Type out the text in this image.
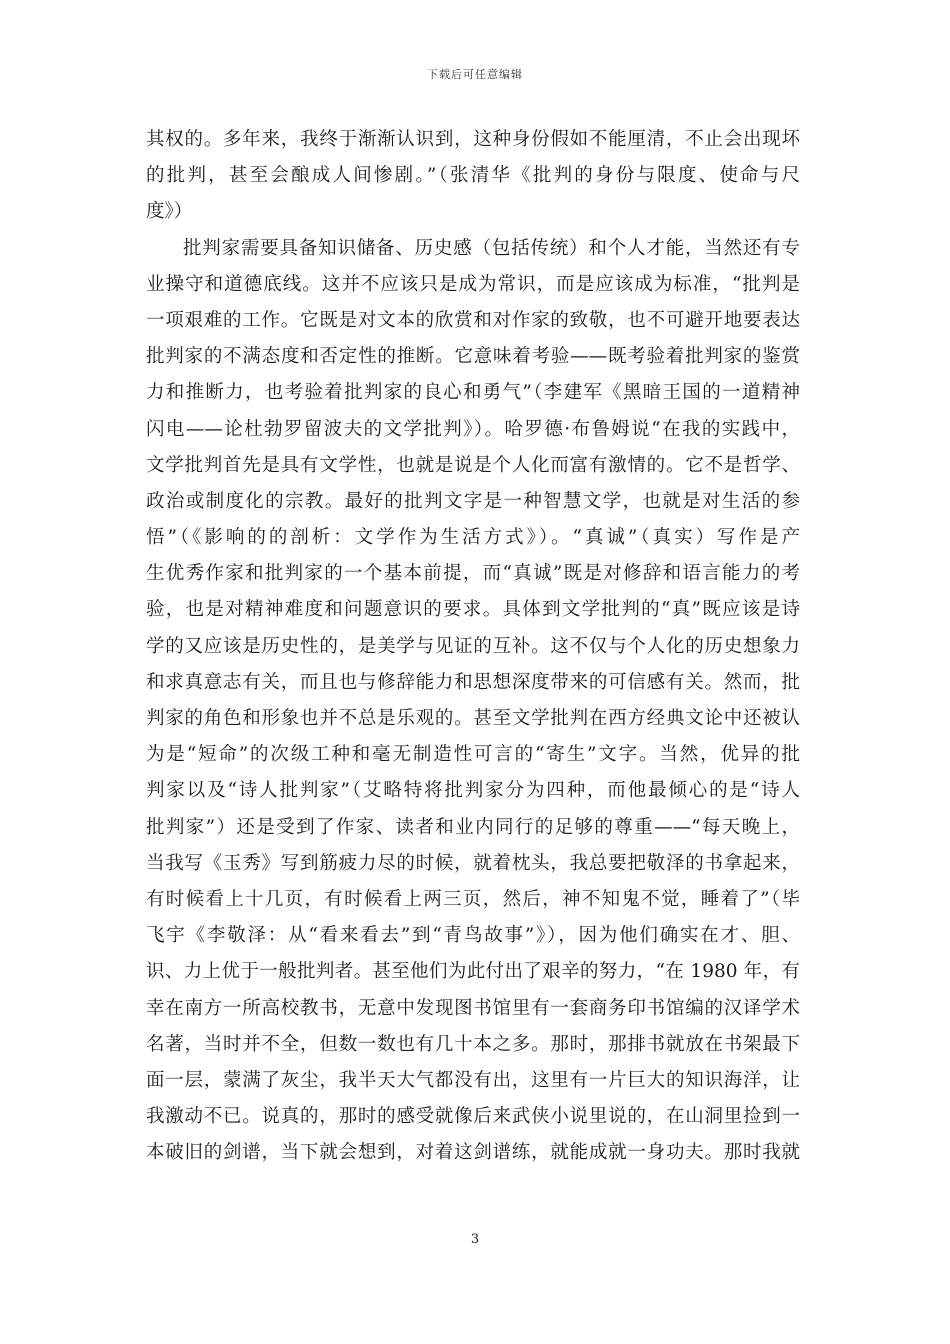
下载后可任意编辑
其权的。多年来，我终于渐渐认识到，这种身份假如不能厘清，不止会出现坏
的批判，甚至会酿成人间惨剧。”（张清华《批判的身份与限度、使命与尺
度》）
批判家需要具备知识储备、历史感（包括传统）和个人才能，当然还有专
业操守和道德底线。这并不应该只是成为常识，而是应该成为标准，“批判是
一项艰难的工作。它既是对文本的欣赏和对作家的致敬，也不可避开地要表达
批判家的不满态度和否定性的推断。它意味着考验——既考验着批判家的鉴赏
力和推断力，也考验着批判家的良心和勇气”（李建军《黑暗王国的一道精神
闪电——论杜勃罗留波夫的文学批判》）。哈罗德·布鲁姆说“在我的实践中，
文学批判首先是具有文学性，也就是说是个人化而富有激情的。它不是哲学、
政治或制度化的宗教。最好的批判文字是一种智慧文学，也就是对生活的参
悟”（《影响的的剖析：文学作为生活方式》）。“真诚”（真实）写作是产
生优秀作家和批判家的一个基本前提，而“真诚”既是对修辞和语言能力的考
验，也是对精神难度和问题意识的要求。具体到文学批判的“真”既应该是诗
学的又应该是历史性的，是美学与见证的互补。这不仅与个人化的历史想象力
和求真意志有关，而且也与修辞能力和思想深度带来的可信感有关。然而，批
判家的角色和形象也并不总是乐观的。甚至文学批判在西方经典文论中还被认
为是“短命”的次级工种和毫无制造性可言的“寄生”文字。当然，优异的批
判家以及“诗人批判家”（艾略特将批判家分为四种，而他最倾心的是“诗人
批判家”）还是受到了作家、读者和业内同行的足够的尊重——“每天晚上，
当我写《玉秀》写到筋疲力尽的时候，就着枕头，我总要把敬泽的书拿起来，
有时候看上十几页，有时候看上两三页，然后，神不知鬼不觉，睡着了”（毕
飞宇《李敬泽：从“看来看去”到“青鸟故事”》），因为他们确实在才、胆、
识、力上优于一般批判者。甚至他们为此付出了艰辛的努力，“在 1980 年，有
幸在南方一所高校教书，无意中发现图书馆里有一套商务印书馆编的汉译学术
名著，当时并不全，但数一数也有几十本之多。那时，那排书就放在书架最下
面一层，蒙满了灰尘，我半天大气都没有出，这里有一片巨大的知识海洋，让
我激动不已。说真的，那时的感受就像后来武侠小说里说的，在山洞里捡到一
本破旧的剑谱，当下就会想到，对着这剑谱练，就能成就一身功夫。那时我就
3
